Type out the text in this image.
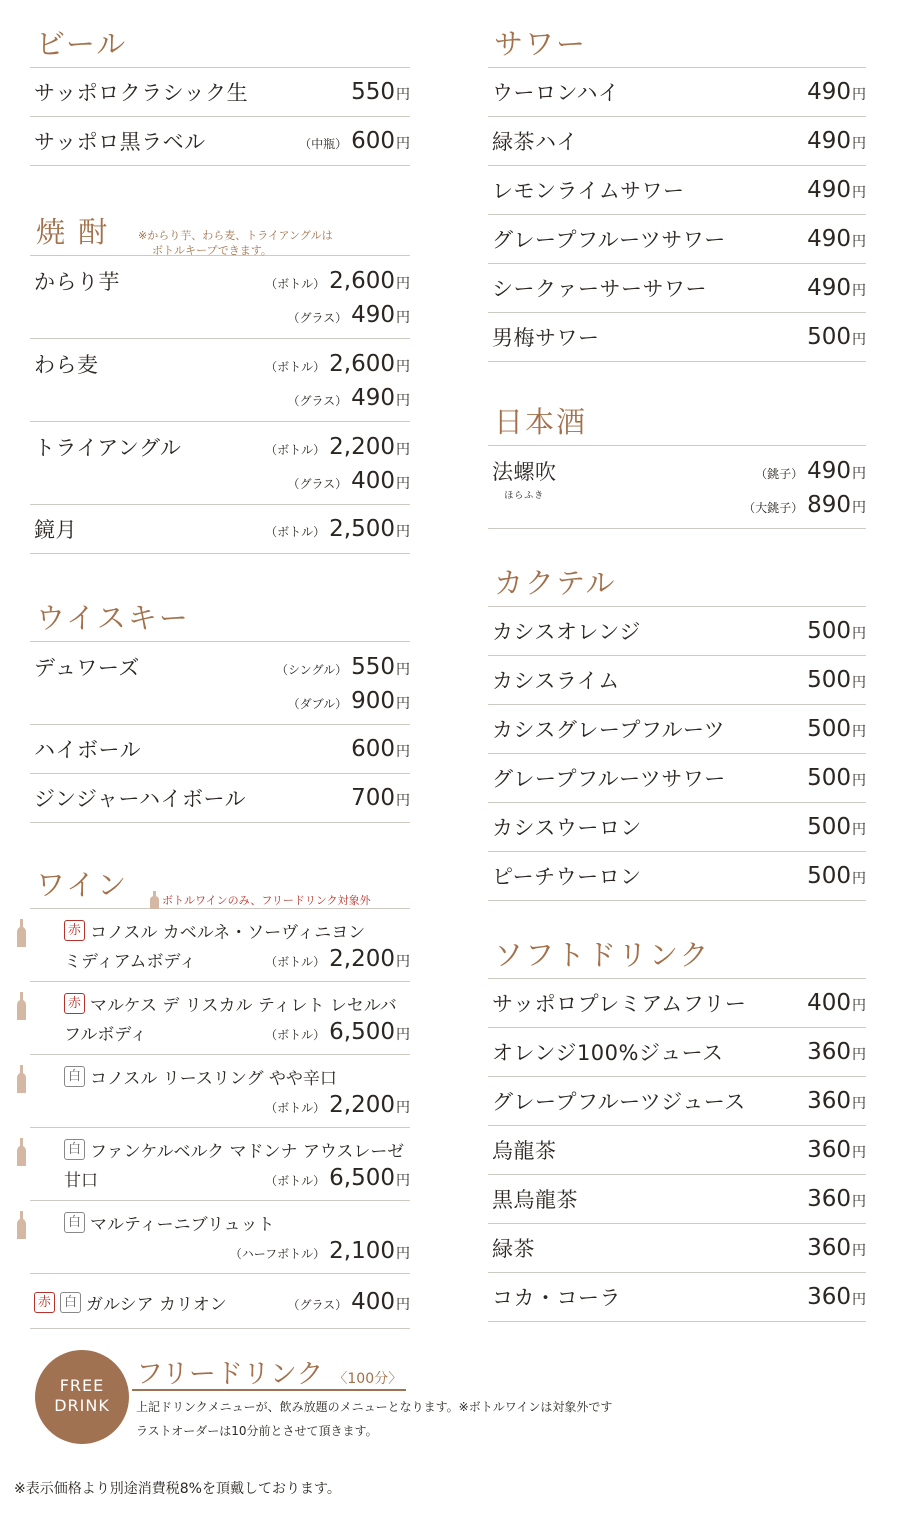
ビール
サッポロクラシック生	550円
サッポロ黒ラベル	（中瓶） 600円
焼 酎	※からり芋、わら麦、トライアングルは
ボトルキープできます。
からり芋	（ボトル） 2,600円
（グラス） 490円
わら麦	（ボトル） 2,600円
（グラス） 490円
トライアングル	（ボトル） 2,200円
（グラス） 400円
鏡月	（ボトル） 2,500円
ウイスキー
デュワーズ	（シングル） 550円
（ダブル） 900円
ハイボール	600円
ジンジャーハイボール	700円
ワイン	ボトルワインのみ、フリードリンク対象外
赤 コノスル カベルネ・ソーヴィニヨン
ミディアムボディ	（ボトル） 2,200円
赤 マルケス デ リスカル ティレト レセルバ
フルボディ	（ボトル） 6,500円
白 コノスル リースリング やや辛口
（ボトル） 2,200円
白 ファンケルベルク マドンナ アウスレーゼ
甘口	（ボトル） 6,500円
白 マルティーニブリュット
（ハーフボトル） 2,100円
赤 白 ガルシア カリオン	（グラス） 400円
サワー
ウーロンハイ	490円
緑茶ハイ	490円
レモンライムサワー	490円
グレープフルーツサワー	490円
シークァーサーサワー	490円
男梅サワー	500円
日本酒
法螺吹
ほらふき
（銚子） 490円
（大銚子） 890円
カクテル
カシスオレンジ	500円
カシスライム	500円
カシスグレープフルーツ	500円
グレープフルーツサワー	500円
カシスウーロン	500円
ピーチウーロン	500円
ソフトドリンク
サッポロプレミアムフリー	400円
オレンジ100%ジュース	360円
グレープフルーツジュース	360円
烏龍茶	360円
黒烏龍茶	360円
緑茶	360円
コカ・コーラ	360円
FREE
DRINK
フリードリンク 〈100分〉
上記ドリンクメニューが、飲み放題のメニューとなります。※ボトルワインは対象外です
ラストオーダーは10分前とさせて頂きます。
※表示価格より別途消費税8%を頂戴しております。
